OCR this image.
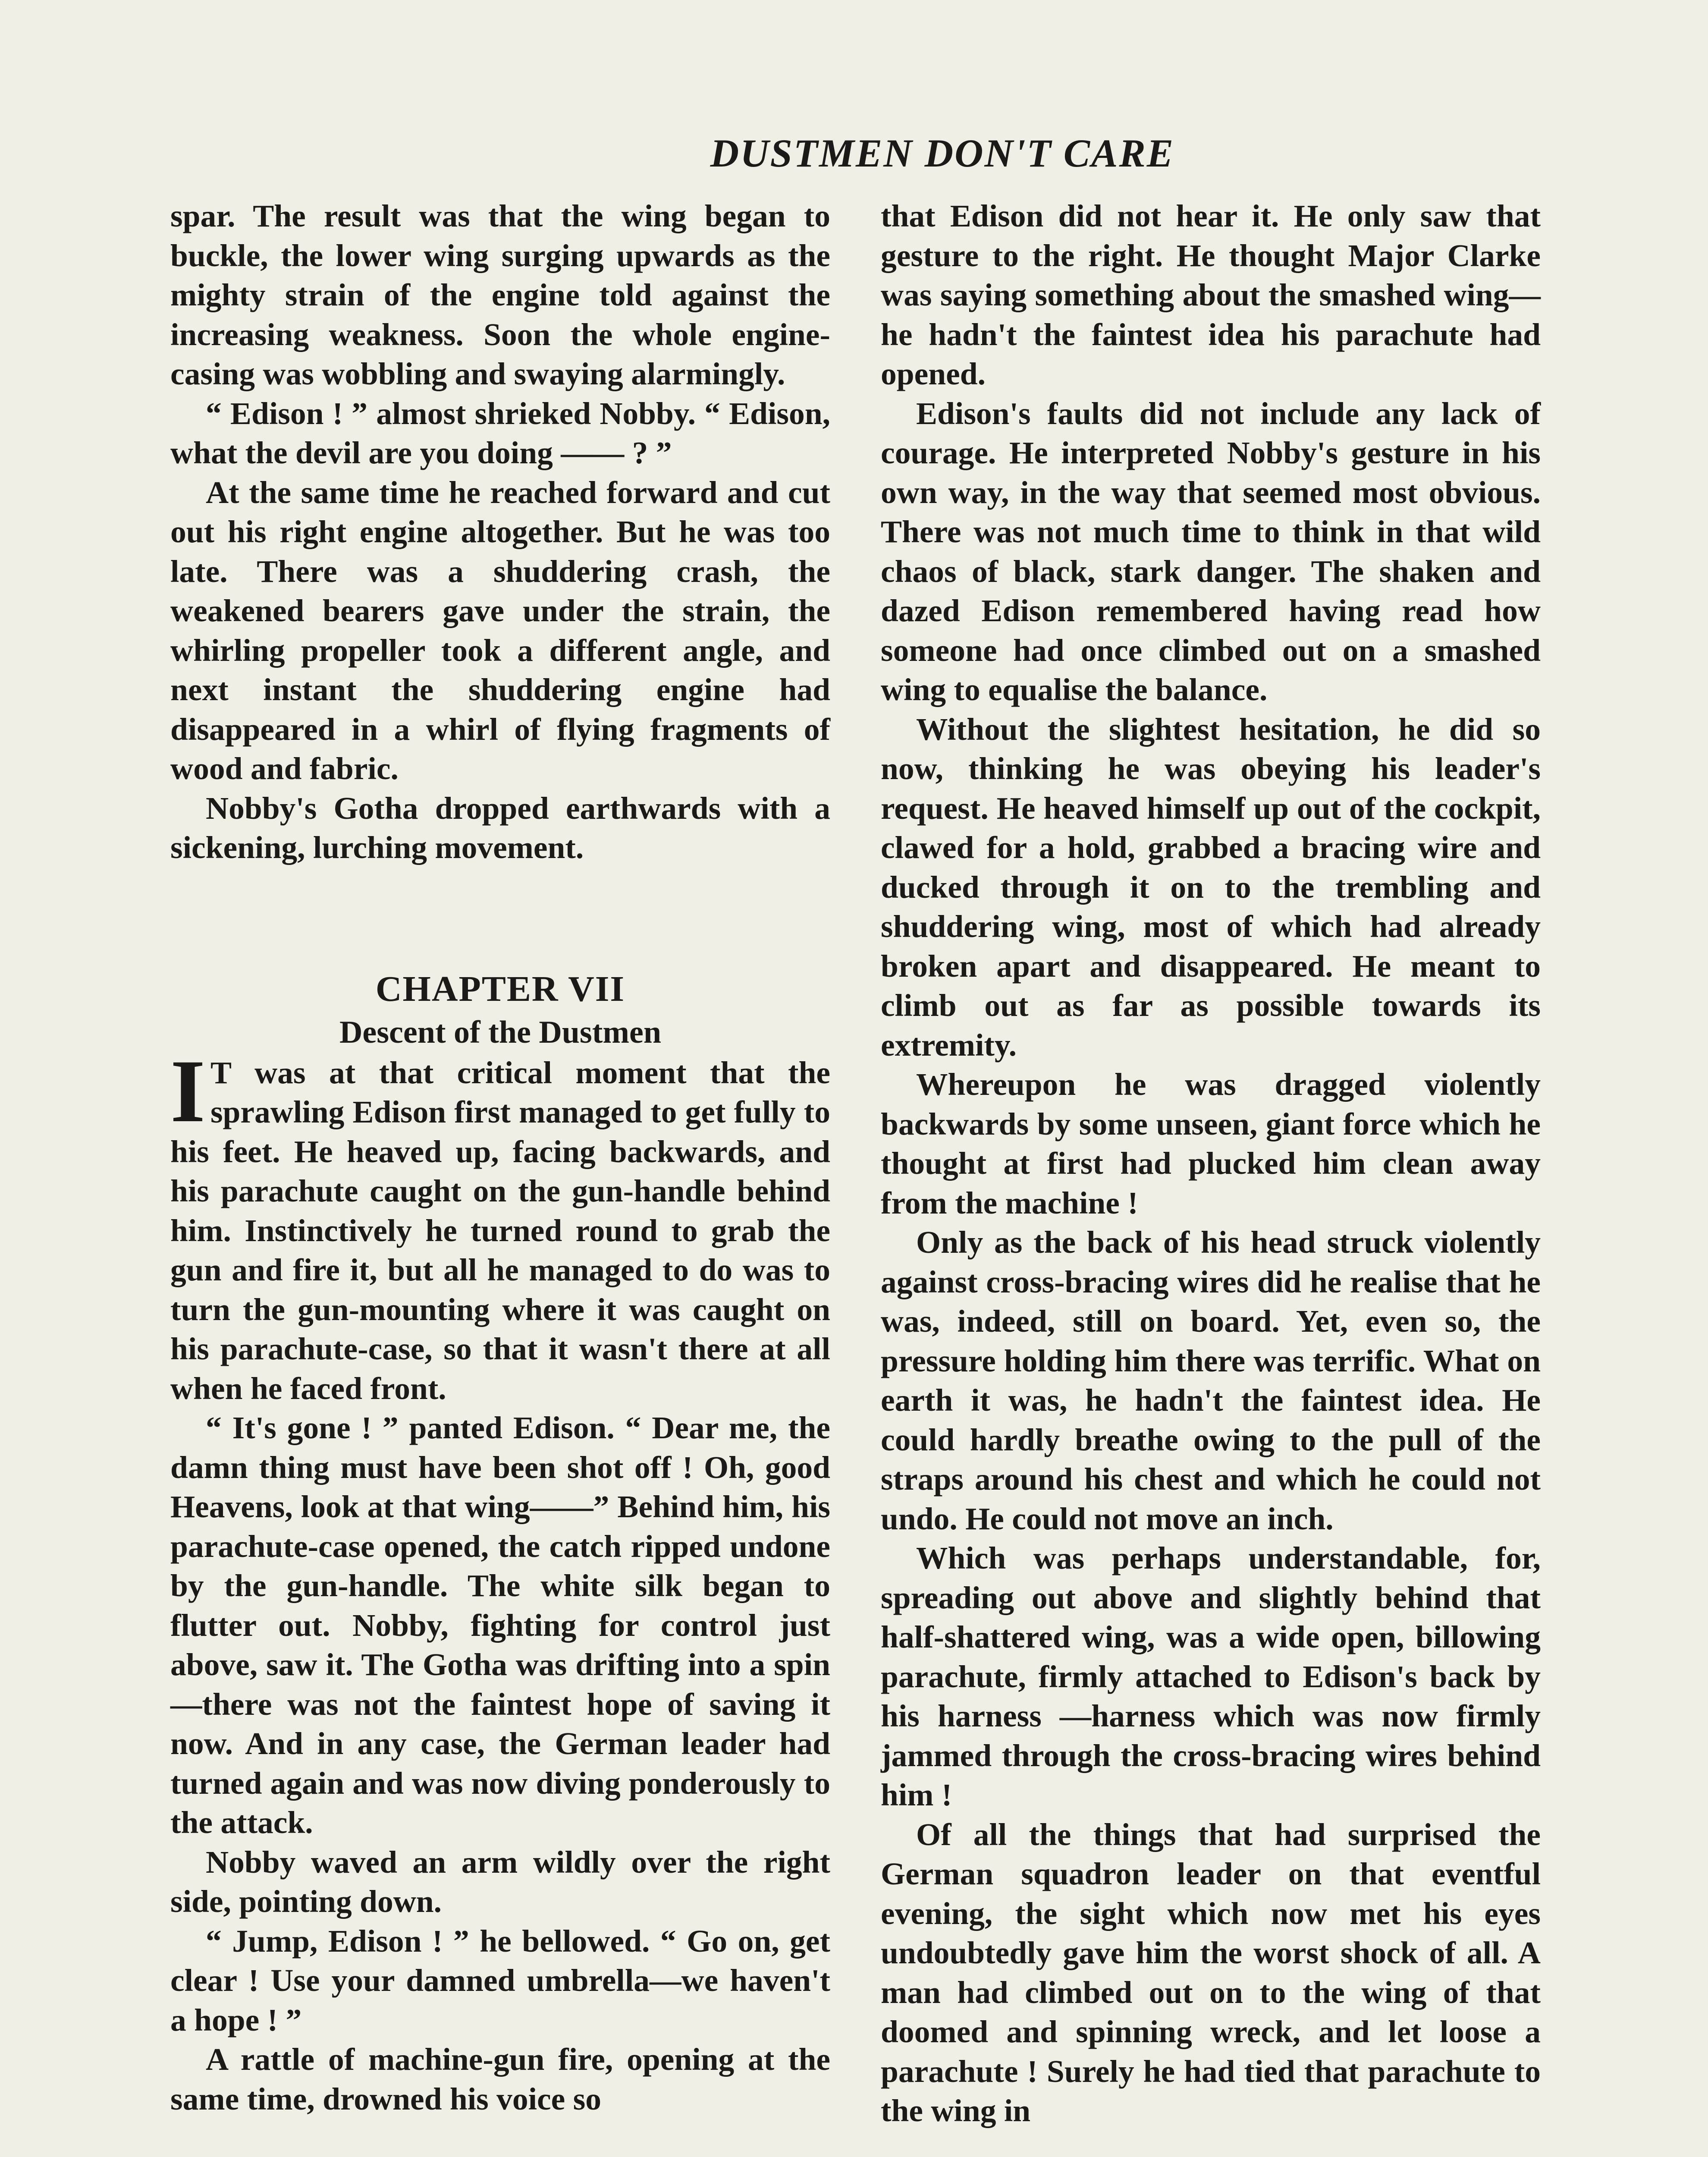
DUSTMEN DON'T CARE

spar. The result was that the wing began to buckle, the lower wing surging upwards as the mighty strain of the engine told against the increasing weakness. Soon the whole engine-casing was wobbling and swaying alarmingly.

“ Edison ! ” almost shrieked Nobby. “ Edison, what the devil are you doing —— ? ”

At the same time he reached forward and cut out his right engine altogether. But he was too late. There was a shuddering crash, the weakened bearers gave under the strain, the whirling propeller took a different angle, and next instant the shuddering engine had disappeared in a whirl of flying fragments of wood and fabric.

Nobby's Gotha dropped earthwards with a sickening, lurching movement.

CHAPTER VII
Descent of the Dustmen

I T was at that critical moment that the sprawling Edison first managed to get fully to his feet. He heaved up, facing backwards, and his parachute caught on the gun-handle behind him. Instinctively he turned round to grab the gun and fire it, but all he managed to do was to turn the gun-mounting where it was caught on his parachute-case, so that it wasn't there at all when he faced front.

“ It's gone ! ” panted Edison. “ Dear me, the damn thing must have been shot off ! Oh, good Heavens, look at that wing——” Behind him, his parachute-case opened, the catch ripped undone by the gun-handle. The white silk began to flutter out. Nobby, fighting for control just above, saw it. The Gotha was drifting into a spin—there was not the faintest hope of saving it now. And in any case, the German leader had turned again and was now diving ponderously to the attack.

Nobby waved an arm wildly over the right side, pointing down.

“ Jump, Edison ! ” he bellowed. “ Go on, get clear ! Use your damned umbrella—we haven't a hope ! ”

A rattle of machine-gun fire, opening at the same time, drowned his voice so

that Edison did not hear it. He only saw that gesture to the right. He thought Major Clarke was saying something about the smashed wing—he hadn't the faintest idea his parachute had opened.

Edison's faults did not include any lack of courage. He interpreted Nobby's gesture in his own way, in the way that seemed most obvious. There was not much time to think in that wild chaos of black, stark danger. The shaken and dazed Edison remembered having read how someone had once climbed out on a smashed wing to equalise the balance.

Without the slightest hesitation, he did so now, thinking he was obeying his leader's request. He heaved himself up out of the cockpit, clawed for a hold, grabbed a bracing wire and ducked through it on to the trembling and shuddering wing, most of which had already broken apart and disappeared. He meant to climb out as far as possible towards its extremity.

Whereupon he was dragged violently backwards by some unseen, giant force which he thought at first had plucked him clean away from the machine !

Only as the back of his head struck violently against cross-bracing wires did he realise that he was, indeed, still on board. Yet, even so, the pressure holding him there was terrific. What on earth it was, he hadn't the faintest idea. He could hardly breathe owing to the pull of the straps around his chest and which he could not undo. He could not move an inch.

Which was perhaps understandable, for, spreading out above and slightly behind that half-shattered wing, was a wide open, billowing parachute, firmly attached to Edison's back by his harness —harness which was now firmly jammed through the cross-bracing wires behind him !

Of all the things that had surprised the German squadron leader on that eventful evening, the sight which now met his eyes undoubtedly gave him the worst shock of all. A man had climbed out on to the wing of that doomed and spinning wreck, and let loose a parachute ! Surely he had tied that parachute to the wing in
